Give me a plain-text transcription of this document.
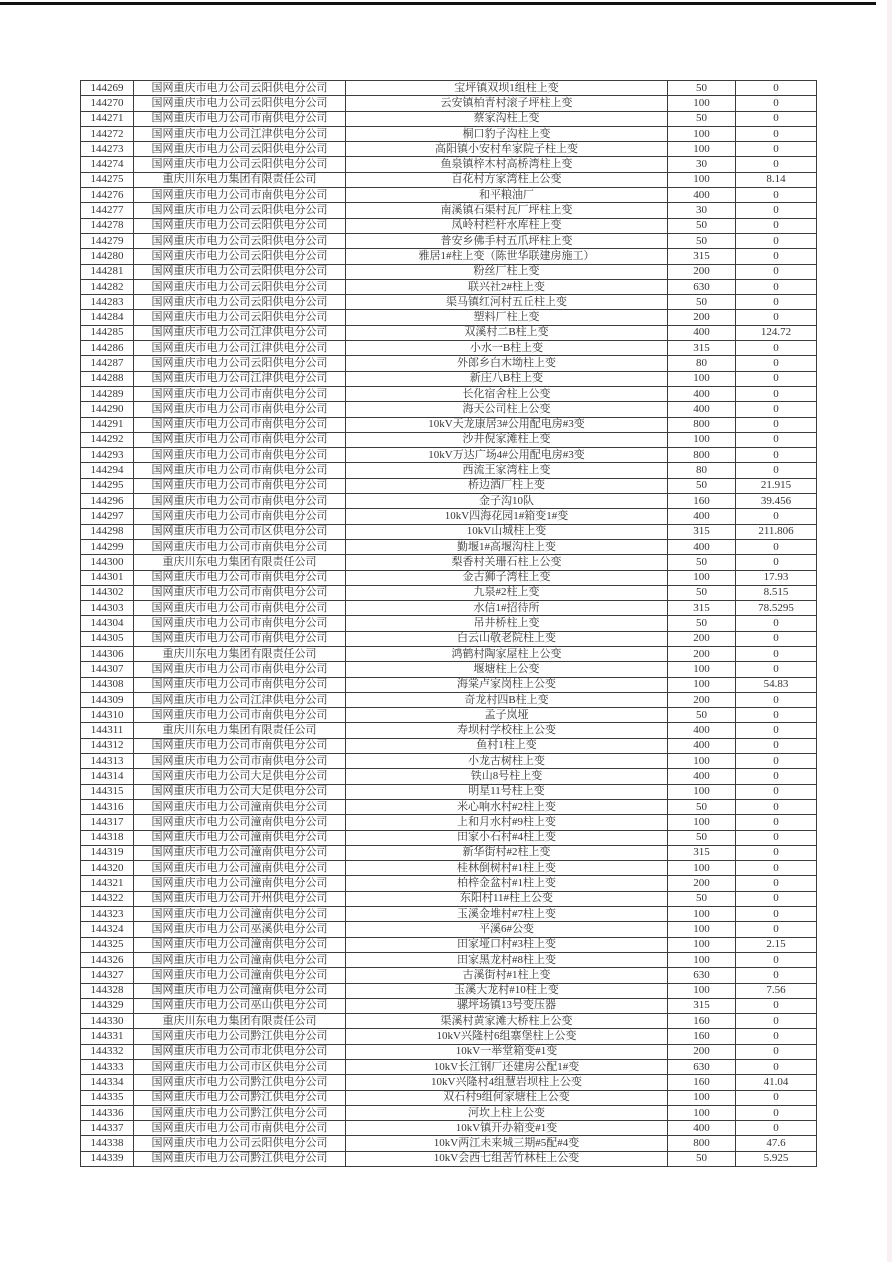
144269	国网重庆市电力公司云阳供电分公司	宝坪镇双坝1组柱上变	50	0
144270	国网重庆市电力公司云阳供电分公司	云安镇柏青村滚子坪柱上变	100	0
144271	国网重庆市电力公司市南供电分公司	蔡家沟柱上变	50	0
144272	国网重庆市电力公司江津供电分公司	桐口豹子沟柱上变	100	0
144273	国网重庆市电力公司云阳供电分公司	高阳镇小安村牟家院子柱上变	100	0
144274	国网重庆市电力公司云阳供电分公司	鱼泉镇梓木村高桥湾柱上变	30	0
144275	重庆川东电力集团有限责任公司	百花村方家湾柱上公变	100	8.14
144276	国网重庆市电力公司市南供电分公司	和平粮油厂	400	0
144277	国网重庆市电力公司云阳供电分公司	南溪镇石渠村瓦厂坪柱上变	30	0
144278	国网重庆市电力公司云阳供电分公司	凤岭村栏杆水库柱上变	50	0
144279	国网重庆市电力公司云阳供电分公司	普安乡佛手村五爪坪柱上变	50	0
144280	国网重庆市电力公司云阳供电分公司	雅居1#柱上变（陈世华联建房施工）	315	0
144281	国网重庆市电力公司云阳供电分公司	粉丝厂柱上变	200	0
144282	国网重庆市电力公司云阳供电分公司	联兴社2#柱上变	630	0
144283	国网重庆市电力公司云阳供电分公司	渠马镇红河村五丘柱上变	50	0
144284	国网重庆市电力公司云阳供电分公司	塑料厂柱上变	200	0
144285	国网重庆市电力公司江津供电分公司	双溪村二B柱上变	400	124.72
144286	国网重庆市电力公司江津供电分公司	小水一B柱上变	315	0
144287	国网重庆市电力公司云阳供电分公司	外郎乡白木坳柱上变	80	0
144288	国网重庆市电力公司江津供电分公司	新庄八B柱上变	100	0
144289	国网重庆市电力公司市南供电分公司	长化宿舍柱上公变	400	0
144290	国网重庆市电力公司市南供电分公司	海天公司柱上公变	400	0
144291	国网重庆市电力公司市南供电分公司	10kV天龙康居3#公用配电房#3变	800	0
144292	国网重庆市电力公司市南供电分公司	沙井倪家滩柱上变	100	0
144293	国网重庆市电力公司市南供电分公司	10kV万达广场4#公用配电房#3变	800	0
144294	国网重庆市电力公司市南供电分公司	西流王家湾柱上变	80	0
144295	国网重庆市电力公司市南供电分公司	桥边酒厂柱上变	50	21.915
144296	国网重庆市电力公司市南供电分公司	金子沟10队	160	39.456
144297	国网重庆市电力公司市南供电分公司	10kV四海花园1#箱变1#变	400	0
144298	国网重庆市电力公司市区供电分公司	10kV山城柱上变	315	211.806
144299	国网重庆市电力公司市南供电分公司	勤堰1#高堰沟柱上变	400	0
144300	重庆川东电力集团有限责任公司	梨香村关珊石柱上公变	50	0
144301	国网重庆市电力公司市南供电分公司	金古狮子湾柱上变	100	17.93
144302	国网重庆市电力公司市南供电分公司	九泉#2柱上变	50	8.515
144303	国网重庆市电力公司市南供电分公司	水信1#招待所	315	78.5295
144304	国网重庆市电力公司市南供电分公司	吊井桥柱上变	50	0
144305	国网重庆市电力公司市南供电分公司	白云山敬老院柱上变	200	0
144306	重庆川东电力集团有限责任公司	鸿鹤村陶家屋柱上公变	200	0
144307	国网重庆市电力公司市南供电分公司	堰塘柱上公变	100	0
144308	国网重庆市电力公司市南供电分公司	海棠卢家岗柱上公变	100	54.83
144309	国网重庆市电力公司江津供电分公司	奇龙村四B柱上变	200	0
144310	国网重庆市电力公司市南供电分公司	孟子岚垭	50	0
144311	重庆川东电力集团有限责任公司	寿坝村学校柱上公变	400	0
144312	国网重庆市电力公司市南供电分公司	鱼村1柱上变	400	0
144313	国网重庆市电力公司市南供电分公司	小龙古树柱上变	100	0
144314	国网重庆市电力公司大足供电分公司	铁山8号柱上变	400	0
144315	国网重庆市电力公司大足供电分公司	明星11号柱上变	100	0
144316	国网重庆市电力公司潼南供电分公司	米心响水村#2柱上变	50	0
144317	国网重庆市电力公司潼南供电分公司	上和月水村#9柱上变	100	0
144318	国网重庆市电力公司潼南供电分公司	田家小石村#4柱上变	50	0
144319	国网重庆市电力公司潼南供电分公司	新华街村#2柱上变	315	0
144320	国网重庆市电力公司潼南供电分公司	桂林倒树村#1柱上变	100	0
144321	国网重庆市电力公司潼南供电分公司	柏梓金盆村#1柱上变	200	0
144322	国网重庆市电力公司开州供电分公司	东阳村11#柱上公变	50	0
144323	国网重庆市电力公司潼南供电分公司	玉溪金堆村#7柱上变	100	0
144324	国网重庆市电力公司巫溪供电分公司	平溪6#公变	100	0
144325	国网重庆市电力公司潼南供电分公司	田家垭口村#3柱上变	100	2.15
144326	国网重庆市电力公司潼南供电分公司	田家黑龙村#8柱上变	100	0
144327	国网重庆市电力公司潼南供电分公司	古溪街村#1柱上变	630	0
144328	国网重庆市电力公司潼南供电分公司	玉溪大龙村#10柱上变	100	7.56
144329	国网重庆市电力公司巫山供电分公司	骡坪场镇13号变压器	315	0
144330	重庆川东电力集团有限责任公司	渠溪村黄家滩大桥柱上公变	160	0
144331	国网重庆市电力公司黔江供电分公司	10kV兴隆村6组寨堡柱上公变	160	0
144332	国网重庆市电力公司市北供电分公司	10kV一举堂箱变#1变	200	0
144333	国网重庆市电力公司市区供电分公司	10kV长江钢厂还建房公配1#变	630	0
144334	国网重庆市电力公司黔江供电分公司	10kV兴隆村4组慧岩坝柱上公变	160	41.04
144335	国网重庆市电力公司黔江供电分公司	双石村9组何家塘柱上公变	100	0
144336	国网重庆市电力公司黔江供电分公司	河坎上柱上公变	100	0
144337	国网重庆市电力公司市南供电分公司	10kV镇开办箱变#1变	400	0
144338	国网重庆市电力公司云阳供电分公司	10kV两江未来城三期#5配#4变	800	47.6
144339	国网重庆市电力公司黔江供电分公司	10kV会西七组苦竹林柱上公变	50	5.925
